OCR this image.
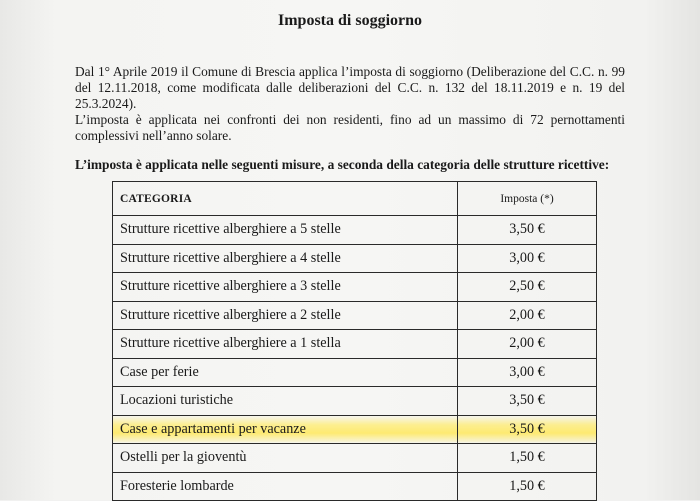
Imposta di soggiorno

Dal 1° Aprile 2019 il Comune di Brescia applica l’imposta di soggiorno (Deliberazione del C.C. n. 99 del 12.11.2018, come modificata dalle deliberazioni del C.C. n. 132 del 18.11.2019 e n. 19 del 25.3.2024).

L’imposta è applicata nei confronti dei non residenti, fino ad un massimo di 72 pernottamenti complessivi nell’anno solare.

L’imposta è applicata nelle seguenti misure, a seconda della categoria delle strutture ricettive:
CATEGORIA	Imposta (*)
Strutture ricettive alberghiere a 5 stelle	3,50 €
Strutture ricettive alberghiere a 4 stelle	3,00 €
Strutture ricettive alberghiere a 3 stelle	2,50 €
Strutture ricettive alberghiere a 2 stelle	2,00 €
Strutture ricettive alberghiere a 1 stella	2,00 €
Case per ferie	3,00 €
Locazioni turistiche	3,50 €
Case e appartamenti per vacanze	3,50 €
Ostelli per la gioventù	1,50 €
Foresterie lombarde	1,50 €
